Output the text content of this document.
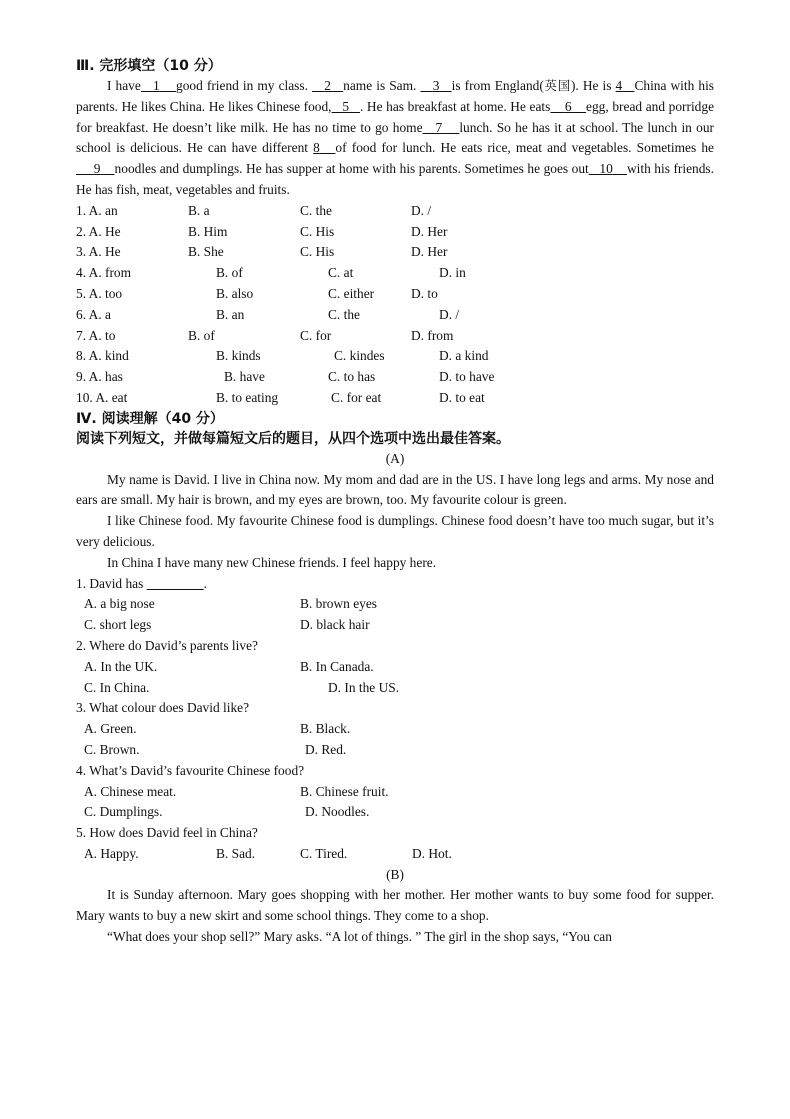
Ⅲ. 完形填空（10 分）

I have 1 good friend in my class.    2 name is Sam.    3 is from England(英国). He is 4 China with his parents. He likes China. He likes Chinese food, 5 . He has breakfast at home. He eats 6 egg, bread and porridge for breakfast. He doesn’t like milk. He has no time to go home 7 lunch. So he has it at school. The lunch in our school is delicious. He can have different 8 of food for lunch. He eats rice, meat and vegetables. Sometimes he     9 noodles and dumplings. He has supper at home with his parents. Sometimes he goes out 10 with his friends. He has fish, meat, vegetables and fruits.

1. A. an	B. a	C. the	D. /
2. A. He	B. Him	C. His	D. Her
3. A. He	B. She	C. His	D. Her
4. A. from	B. of	C. at	D. in
5. A. too	B. also	C. either	D. to
6. A. a	B. an	C. the	D. /
7. A. to	B. of	C. for	D. from
8. A. kind	B. kinds	C. kindes	D. a kind
9. A. has	B. have	C. to has	D. to have
10. A. eat	B. to eating	C. for eat	D. to eat

Ⅳ. 阅读理解（40 分）

阅读下列短文，并做每篇短文后的题目，从四个选项中选出最佳答案。

(A)

My name is David. I live in China now. My mom and dad are in the US. I have long legs and arms. My nose and ears are small. My hair is brown, and my eyes are brown, too. My favourite colour is green.

I like Chinese food. My favourite Chinese food is dumplings. Chinese food doesn’t have too much sugar, but it’s very delicious.

In China I have many new Chinese friends. I feel happy here.

1. David has	.

A. a big nose	B. brown eyes
C. short legs	D. black hair

2. Where do David’s parents live?

A. In the UK.	B. In Canada.
C. In China.	D. In the US.

3. What colour does David like?

A. Green.	B. Black.
C. Brown.	D. Red.

4. What’s David’s favourite Chinese food?

A. Chinese meat.	B. Chinese fruit.
C. Dumplings.	D. Noodles.

5. How does David feel in China?

A. Happy.	B. Sad.	C. Tired.	D. Hot.
(B)

It is Sunday afternoon. Mary goes shopping with her mother. Her mother wants to buy some food for supper. Mary wants to buy a new skirt and some school things. They come to a shop.

“What does your shop sell?” Mary asks. “A lot of things. ” The girl in the shop says, “You can
